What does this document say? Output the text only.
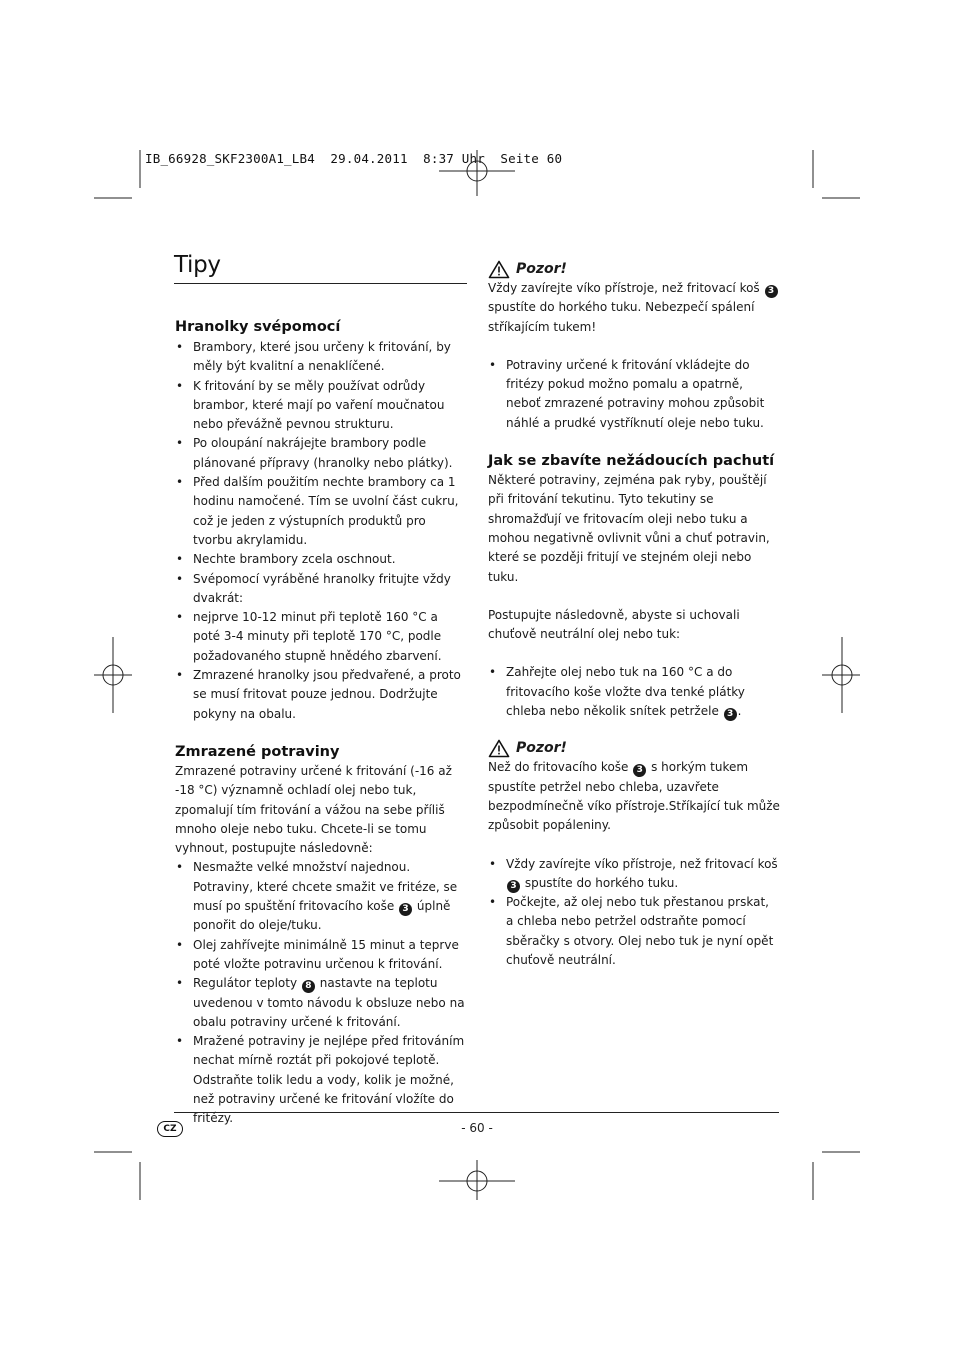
IB_66928_SKF2300A1_LB4  29.04.2011  8:37 Uhr  Seite 60
Tipy
Hranolky svépomocí
• Brambory, které jsou určeny k fritování, by měly být kvalitní a nenaklíčené.
• K fritování by se měly používat odrůdy brambor, které mají po vaření moučnatou nebo převážně pevnou strukturu.
• Po oloupání nakrájejte brambory podle plánované přípravy (hranolky nebo plátky).
• Před dalším použitím nechte brambory ca 1 hodinu namočené. Tím se uvolní část cukru, což je jeden z výstupních produktů pro tvorbu akrylamidu.
• Nechte brambory zcela oschnout.
• Svépomocí vyráběné hranolky fritujte vždy dvakrát:
• nejprve 10-12 minut při teplotě 160 °C a poté 3-4 minuty při teplotě 170 °C, podle požadovaného stupně hnědého zbarvení.
• Zmrazené hranolky jsou předvařené, a proto se musí fritovat pouze jednou. Dodržujte pokyny na obalu.
Zmrazené potraviny

Zmrazené potraviny určené k fritování (-16 až -18 °C) významně ochladí olej nebo tuk, zpomalují tím fritování a vážou na sebe příliš mnoho oleje nebo tuku. Chcete-li se tomu vyhnout, postupujte následovně:

• Nesmažte velké množství najednou. Potraviny, které chcete smažit ve fritéze, se musí po spuštění fritovacího koše 3 úplně ponořit do oleje/tuku.
• Olej zahřívejte minimálně 15 minut a teprve poté vložte potravinu určenou k fritování.
• Regulátor teploty 8 nastavte na teplotu uvedenou v tomto návodu k obsluze nebo na obalu potraviny určené k fritování.
• Mražené potraviny je nejlépe před fritováním nechat mírně roztát při pokojové teplotě. Odstraňte tolik ledu a vody, kolik je možné, než potraviny určené ke fritování vložíte do fritézy.
Pozor!

Vždy zavírejte víko přístroje, než fritovací koš 3 spustíte do horkého tuku. Nebezpečí spálení stříkajícím tukem!

• Potraviny určené k fritování vkládejte do fritézy pokud možno pomalu a opatrně, neboť zmrazené potraviny mohou způsobit náhlé a prudké vystříknutí oleje nebo tuku.
Jak se zbavíte nežádoucích pachutí

Některé potraviny, zejména pak ryby, pouštějí při fritování tekutinu. Tyto tekutiny se shromažďují ve fritovacím oleji nebo tuku a mohou negativně ovlivnit vůni a chuť potravin, které se později fritují ve stejném oleji nebo tuku.

Postupujte následovně, abyste si uchovali chuťově neutrální olej nebo tuk:

• Zahřejte olej nebo tuk na 160 °C a do fritovacího koše vložte dva tenké plátky chleba nebo několik snítek petržele 3 .
Pozor!

Než do fritovacího koše 3 s horkým tukem spustíte petržel nebo chleba, uzavřete bezpodmínečně víko přístroje.Stříkající tuk může způsobit popáleniny.

• Vždy zavírejte víko přístroje, než fritovací koš 3 spustíte do horkého tuku.
• Počkejte, až olej nebo tuk přestanou prskat, a chleba nebo petržel odstraňte pomocí sběračky s otvory. Olej nebo tuk je nyní opět chuťově neutrální.
CZ	- 60 -
